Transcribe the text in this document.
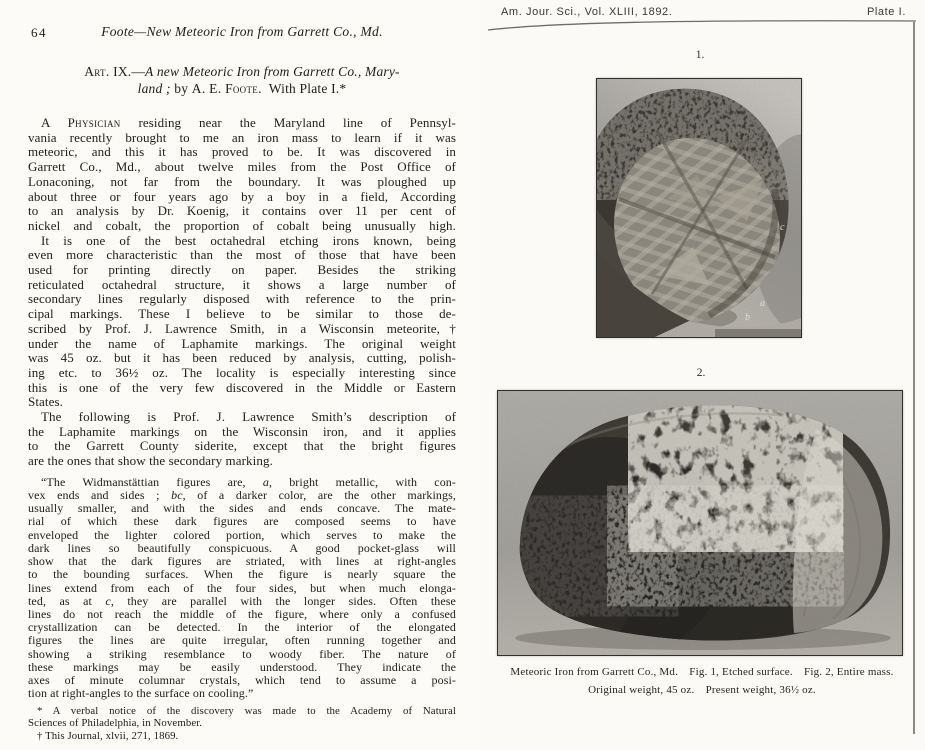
64	Foote—New Meteoric Iron from Garrett Co., Md.
Art. IX.—A new Meteoric Iron from Garrett Co., Mary-
land ; by A. E. Foote. With Plate I.*
A Physician residing near the Maryland line of Pennsyl-
vania recently brought to me an iron mass to learn if it was
meteoric, and this it has proved to be. It was discovered in
Garrett Co., Md., about twelve miles from the Post Office of
Lonaconing, not far from the boundary. It was ploughed up
about three or four years ago by a boy in a field, According
to an analysis by Dr. Koenig, it contains over 11 per cent of
nickel and cobalt, the proportion of cobalt being unusually high.
It is one of the best octahedral etching irons known, being
even more characteristic than the most of those that have been
used for printing directly on paper. Besides the striking
reticulated octahedral structure, it shows a large number of
secondary lines regularly disposed with reference to the prin-
cipal markings. These I believe to be similar to those de-
scribed by Prof. J. Lawrence Smith, in a Wisconsin meteorite,†
under the name of Laphamite markings. The original weight
was 45 oz. but it has been reduced by analysis, cutting, polish-
ing etc. to 36½ oz. The locality is especially interesting since
this is one of the very few discovered in the Middle or Eastern
States.
The following is Prof. J. Lawrence Smith’s description of
the Laphamite markings on the Wisconsin iron, and it applies
to the Garrett County siderite, except that the bright figures
are the ones that show the secondary marking.
“The Widmanstättian figures are, a, bright metallic, with con-
vex ends and sides ; bc, of a darker color, are the other markings,
usually smaller, and with the sides and ends concave. The mate-
rial of which these dark figures are composed seems to have
enveloped the lighter colored portion, which serves to make the
dark lines so beautifully conspicuous. A good pocket-glass will
show that the dark figures are striated, with lines at right-angles
to the bounding surfaces. When the figure is nearly square the
lines extend from each of the four sides, but when much elonga-
ted, as at c, they are parallel with the longer sides. Often these
lines do not reach the middle of the figure, where only a confused
crystallization can be detected. In the interior of the elongated
figures the lines are quite irregular, often running together and
showing a striking resemblance to woody fiber. The nature of
these markings may be easily understood. They indicate the
axes of minute columnar crystals, which tend to assume a posi-
tion at right-angles to the surface on cooling.”
* A verbal notice of the discovery was made to the Academy of Natural
Sciences of Philadelphia, in November.
† This Journal, xlvii, 271, 1869.
Am. Jour. Sci., Vol. XLIII, 1892.	Plate I.
1.
c
a
b
2.
Meteoric Iron from Garrett Co., Md. Fig. 1, Etched surface. Fig. 2, Entire mass.
Original weight, 45 oz. Present weight, 36½ oz.
